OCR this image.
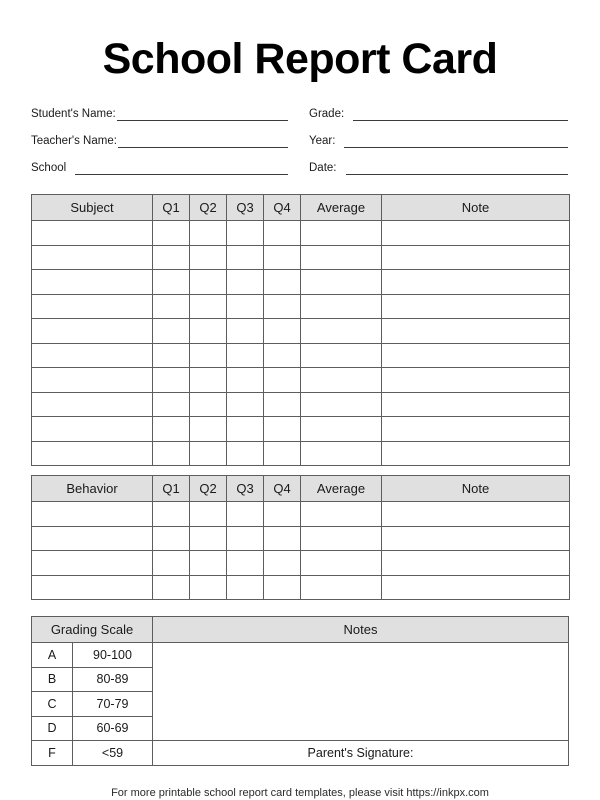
School Report Card
Student's Name:	Grade:
Teacher's Name:	Year:
School	Date:
Subject	Q1	Q2	Q3	Q4	Average	Note

Behavior	Q1	Q2	Q3	Q4	Average	Note

Grading Scale		Notes
A	90-100	
B	80-89	
C	70-79	
D	60-69	
F	<59	Parent's Signature:
For more printable school report card templates, please visit https://inkpx.com
